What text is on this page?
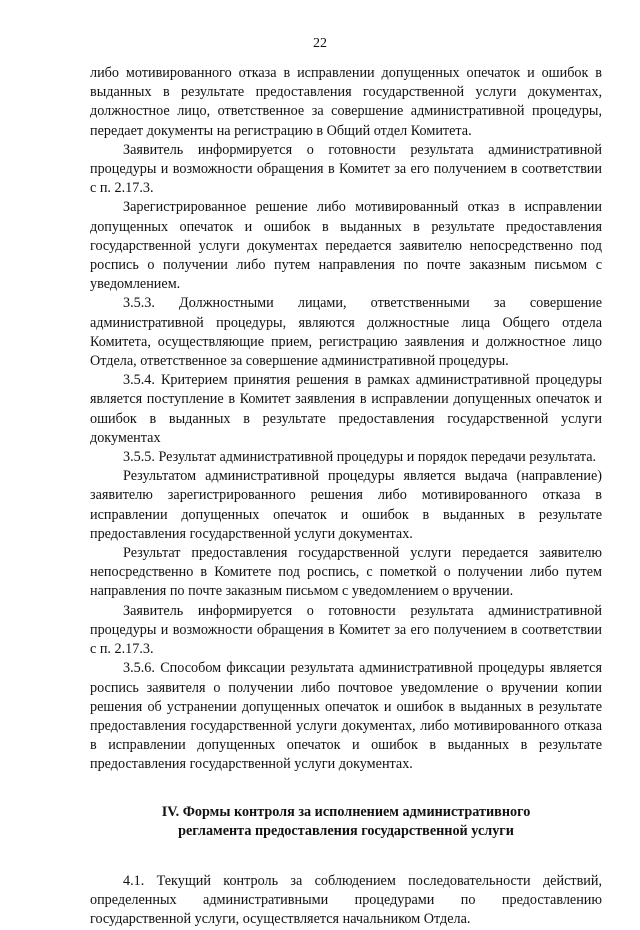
22

либо мотивированного отказа в исправлении допущенных опечаток и ошибок в выданных в результате предоставления государственной услуги документах, должностное лицо, ответственное за совершение административной процедуры, передает документы на регистрацию в Общий отдел Комитета.

Заявитель информируется о готовности результата административной процедуры и возможности обращения в Комитет за его получением в соответствии с п. 2.17.3.

Зарегистрированное решение либо мотивированный отказ в исправлении допущенных опечаток и ошибок в выданных в результате предоставления государственной услуги документах передается заявителю непосредственно под роспись о получении либо путем направления по почте заказным письмом с уведомлением.

3.5.3. Должностными лицами, ответственными за совершение административной процедуры, являются должностные лица Общего отдела Комитета, осуществляющие прием, регистрацию заявления и должностное лицо Отдела, ответственное за совершение административной процедуры.

3.5.4. Критерием принятия решения в рамках административной процедуры является поступление в Комитет заявления в исправлении допущенных опечаток и ошибок в выданных в результате предоставления государственной услуги документах

3.5.5. Результат административной процедуры и порядок передачи результата.

Результатом административной процедуры является выдача (направление) заявителю зарегистрированного решения либо мотивированного отказа в исправлении допущенных опечаток и ошибок в выданных в результате предоставления государственной услуги документах.

Результат предоставления государственной услуги передается заявителю непосредственно в Комитете под роспись, с пометкой о получении либо путем направления по почте заказным письмом с уведомлением о вручении.

Заявитель информируется о готовности результата административной процедуры и возможности обращения в Комитет за его получением в соответствии с п. 2.17.3.

3.5.6. Способом фиксации результата административной процедуры является роспись заявителя о получении либо почтовое уведомление о вручении копии решения об устранении допущенных опечаток и ошибок в выданных в результате предоставления государственной услуги документах, либо мотивированного отказа в исправлении допущенных опечаток и ошибок в выданных в результате предоставления государственной услуги документах.

IV. Формы контроля за исполнением административного
регламента предоставления государственной услуги

4.1. Текущий контроль за соблюдением последовательности действий, определенных административными процедурами по предоставлению государственной услуги, осуществляется начальником Отдела.
